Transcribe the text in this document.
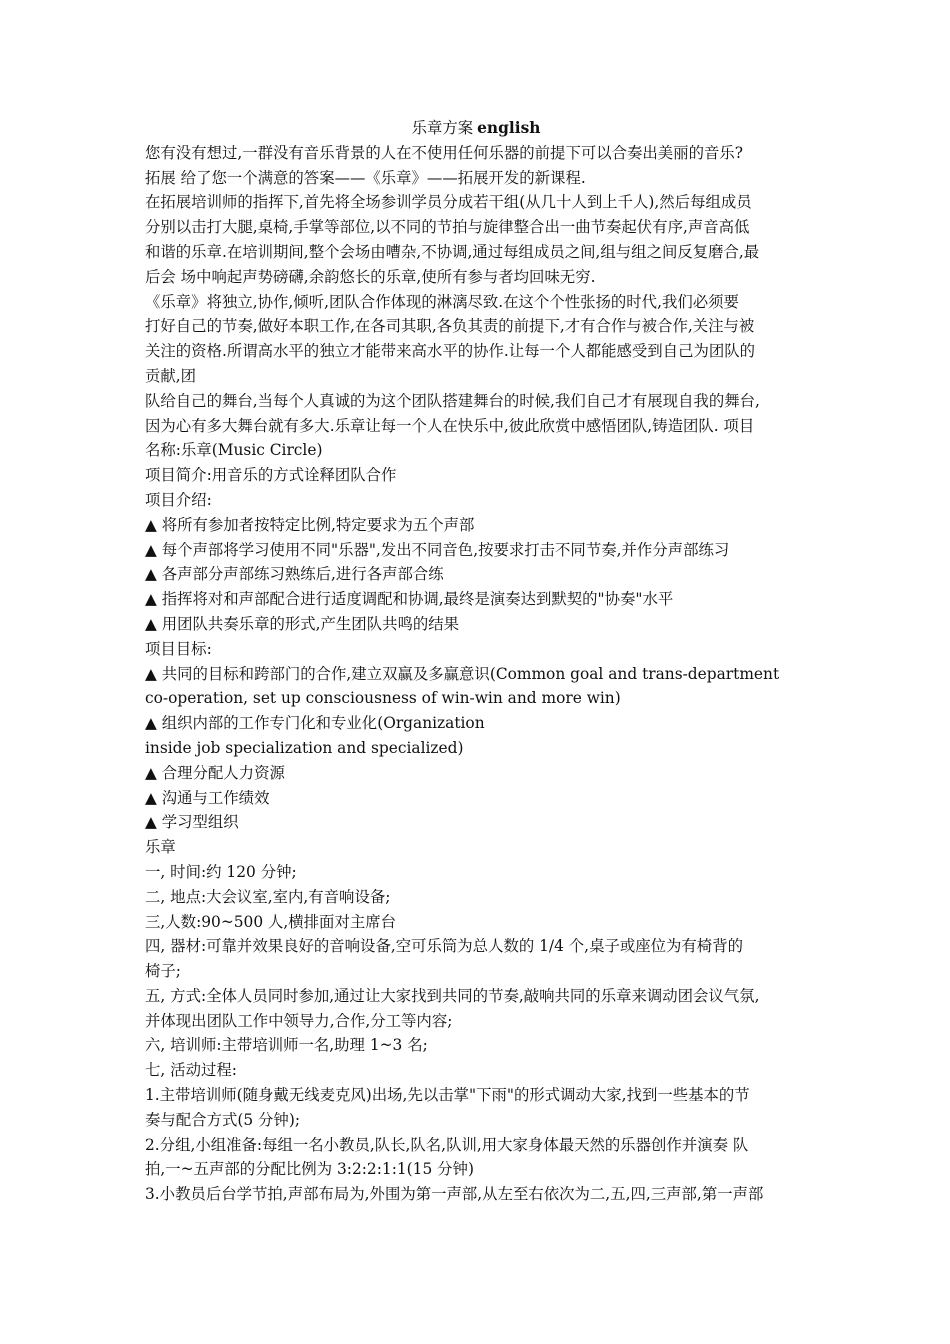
乐章方案 english

您有没有想过,一群没有音乐背景的人在不使用任何乐器的前提下可以合奏出美丽的音乐?

拓展 给了您一个满意的答案——《乐章》——拓展开发的新课程.

在拓展培训师的指挥下,首先将全场参训学员分成若干组(从几十人到上千人),然后每组成员

分别以击打大腿,桌椅,手掌等部位,以不同的节拍与旋律整合出一曲节奏起伏有序,声音高低

和谐的乐章.在培训期间,整个会场由嘈杂,不协调,通过每组成员之间,组与组之间反复磨合,最

后会 场中响起声势磅礴,余韵悠长的乐章,使所有参与者均回味无穷.

《乐章》将独立,协作,倾听,团队合作体现的淋漓尽致.在这个个性张扬的时代,我们必须要

打好自己的节奏,做好本职工作,在各司其职,各负其责的前提下,才有合作与被合作,关注与被

关注的资格.所谓高水平的独立才能带来高水平的协作.让每一个人都能感受到自己为团队的

贡献,团

队给自己的舞台,当每个人真诚的为这个团队搭建舞台的时候,我们自己才有展现自我的舞台,

因为心有多大舞台就有多大.乐章让每一个人在快乐中,彼此欣赏中感悟团队,铸造团队. 项目

名称:乐章(Music Circle)

项目简介:用音乐的方式诠释团队合作

项目介绍:

▲ 将所有参加者按特定比例,特定要求为五个声部

▲ 每个声部将学习使用不同"乐器",发出不同音色,按要求打击不同节奏,并作分声部练习

▲ 各声部分声部练习熟练后,进行各声部合练

▲ 指挥将对和声部配合进行适度调配和协调,最终是演奏达到默契的"协奏"水平

▲ 用团队共奏乐章的形式,产生团队共鸣的结果

项目目标:

▲ 共同的目标和跨部门的合作,建立双赢及多赢意识(Common goal and trans-department

co-operation, set up consciousness of win-win and more win)

▲ 组织内部的工作专门化和专业化(Organization

inside job specialization and specialized)

▲ 合理分配人力资源

▲ 沟通与工作绩效

▲ 学习型组织

乐章

一, 时间:约 120 分钟;

二, 地点:大会议室,室内,有音响设备;

三,人数:90~500 人,横排面对主席台

四, 器材:可靠并效果良好的音响设备,空可乐筒为总人数的 1/4 个,桌子或座位为有椅背的

椅子;

五, 方式:全体人员同时参加,通过让大家找到共同的节奏,敲响共同的乐章来调动团会议气氛,

并体现出团队工作中领导力,合作,分工等内容;

六, 培训师:主带培训师一名,助理 1~3 名;

七, 活动过程:

1.主带培训师(随身戴无线麦克风)出场,先以击掌"下雨"的形式调动大家,找到一些基本的节

奏与配合方式(5 分钟);

2.分组,小组准备:每组一名小教员,队长,队名,队训,用大家身体最天然的乐器创作并演奏 队

拍,一~五声部的分配比例为 3:2:2:1:1(15 分钟)

3.小教员后台学节拍,声部布局为,外围为第一声部,从左至右依次为二,五,四,三声部,第一声部
